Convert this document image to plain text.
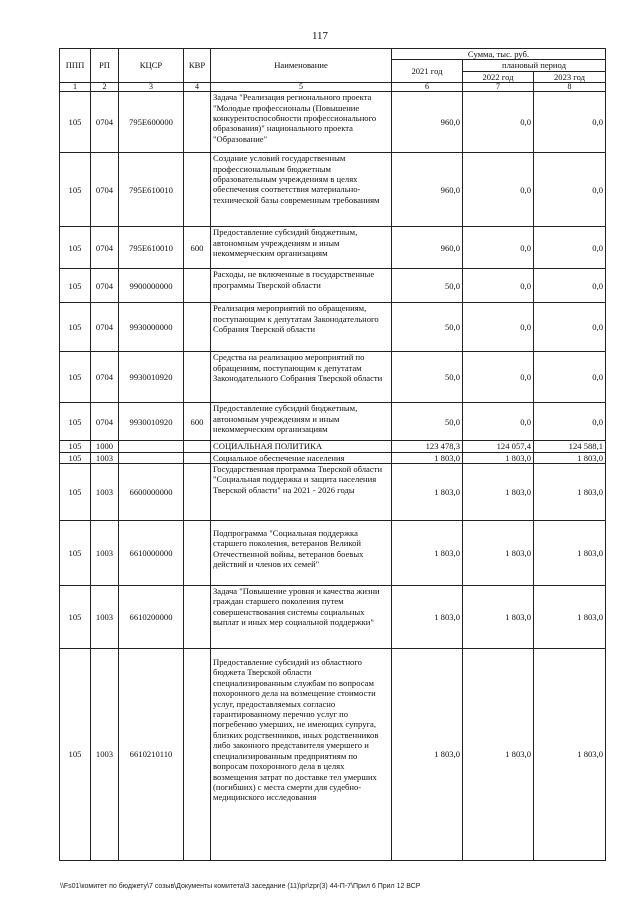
117
ППП	РП	КЦСР	КВР	Наименование	Сумма, тыс. руб.		
					2021 год	плановый период	
						2022 год	2023 год
1	2	3	4	5	6	7	8
105	0704	795E600000		Задача "Реализация регионального проекта "Молодые профессионалы (Повышение конкурентоспособности профессионального образования)" национального проекта "Образование"	960,0	0,0	0,0
105	0704	795E610010		Создание условий государственным профессиональным бюджетным образовательным учреждениям в целях обеспечения соответствия материально-технической базы современным требованиям	960,0	0,0	0,0
105	0704	795E610010	600	Предоставление субсидий бюджетным, автономным учреждениям и иным некоммерческим организациям	960,0	0,0	0,0
105	0704	9900000000		Расходы, не включенные в государственные программы Тверской области	50,0	0,0	0,0
105	0704	9930000000		Реализация мероприятий по обращениям, поступающим к депутатам Законодательного Собрания Тверской области	50,0	0,0	0,0
105	0704	9930010920		Средства на реализацию мероприятий по обращениям, поступающим к депутатам Законодательного Собрания Тверской области	50,0	0,0	0,0
105	0704	9930010920	600	Предоставление субсидий бюджетным, автономным учреждениям и иным некоммерческим организациям	50,0	0,0	0,0
105	1000			СОЦИАЛЬНАЯ ПОЛИТИКА	123 478,3	124 057,4	124 588,1
105	1003			Социальное обеспечение населения	1 803,0	1 803,0	1 803,0
105	1003	6600000000		Государственная программа Тверской области "Социальная поддержка и защита населения Тверской области" на 2021 - 2026 годы	1 803,0	1 803,0	1 803,0
105	1003	6610000000		Подпрограмма "Социальная поддержка старшего поколения, ветеранов Великой Отечественной войны, ветеранов боевых действий и членов их семей"	1 803,0	1 803,0	1 803,0
105	1003	6610200000		Задача "Повышение уровня и качества жизни граждан старшего поколения путем совершенствования системы социальных выплат и иных мер социальной поддержки"	1 803,0	1 803,0	1 803,0
105	1003	6610210110		Предоставление субсидий из областного бюджета Тверской области специализированным службам по вопросам похоронного дела на возмещение стоимости услуг, предоставляемых согласно гарантированному перечню услуг по погребению умерших, не имеющих супруга, близких родственников, иных родственников либо законного представителя умершего и специализированным предприятиям по вопросам похоронного дела в целях возмещения затрат по доставке тел умерших (погибших) с места смерти для судебно-медицинского исследования	1 803,0	1 803,0	1 803,0
\\Fs01\комитет по бюджету\7 созыв\Документы комитета\3 заседание (11)\pr\zpr(3) 44-П-7\Прил 6 Прил 12 ВСР
